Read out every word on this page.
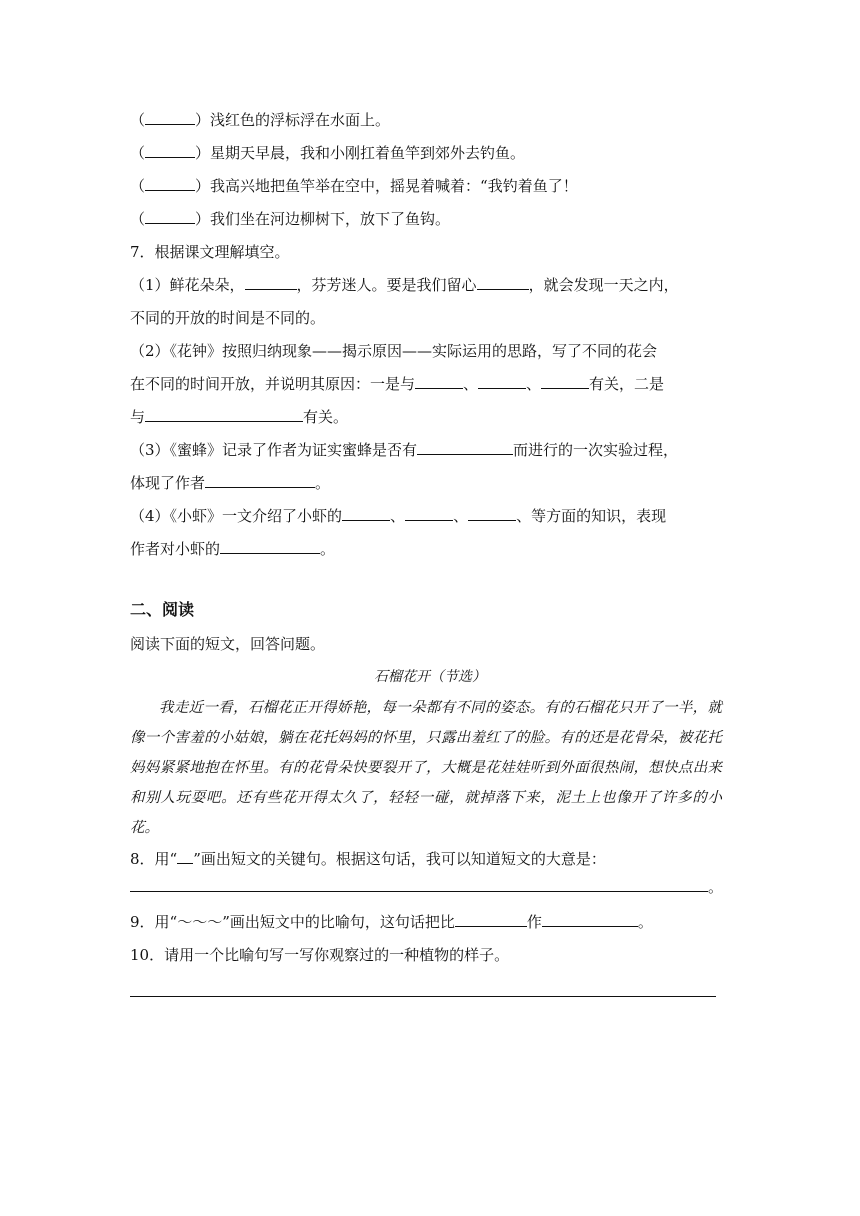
（	）浅红色的浮标浮在水面上。
（	）星期天早晨，我和小刚扛着鱼竿到郊外去钓鱼。
（	）我高兴地把鱼竿举在空中，摇晃着喊着：“我钓着鱼了！
（	）我们坐在河边柳树下，放下了鱼钩。
7．根据课文理解填空。
（1）鲜花朵朵，	，芬芳迷人。要是我们留心	，就会发现一天之内，
不同的开放的时间是不同的。
（2）《花钟》按照归纳现象——揭示原因——实际运用的思路，写了不同的花会
在不同的时间开放，并说明其原因：一是与	、	、	有关，二是
与	有关。
（3）《蜜蜂》记录了作者为证实蜜蜂是否有	而进行的一次实验过程，
体现了作者	。
（4）《小虾》一文介绍了小虾的	、	、	、等方面的知识，表现
作者对小虾的	。
二、阅读
阅读下面的短文，回答问题。
石榴花开（节选）
我走近一看，石榴花正开得娇艳，每一朵都有不同的姿态。有的石榴花只开了一半，就像一个害羞的小姑娘，躺在花托妈妈的怀里，只露出羞红了的脸。有的还是花骨朵，被花托妈妈紧紧地抱在怀里。有的花骨朵快要裂开了，大概是花娃娃听到外面很热闹，想快点出来和别人玩耍吧。还有些花开得太久了，轻轻一碰，就掉落下来，泥土上也像开了许多的小花。
8．用“ ”画出短文的关键句。根据这句话，我可以知道短文的大意是：
。
9．用“～～～”画出短文中的比喻句，这句话把比	作	。
10．请用一个比喻句写一写你观察过的一种植物的样子。
